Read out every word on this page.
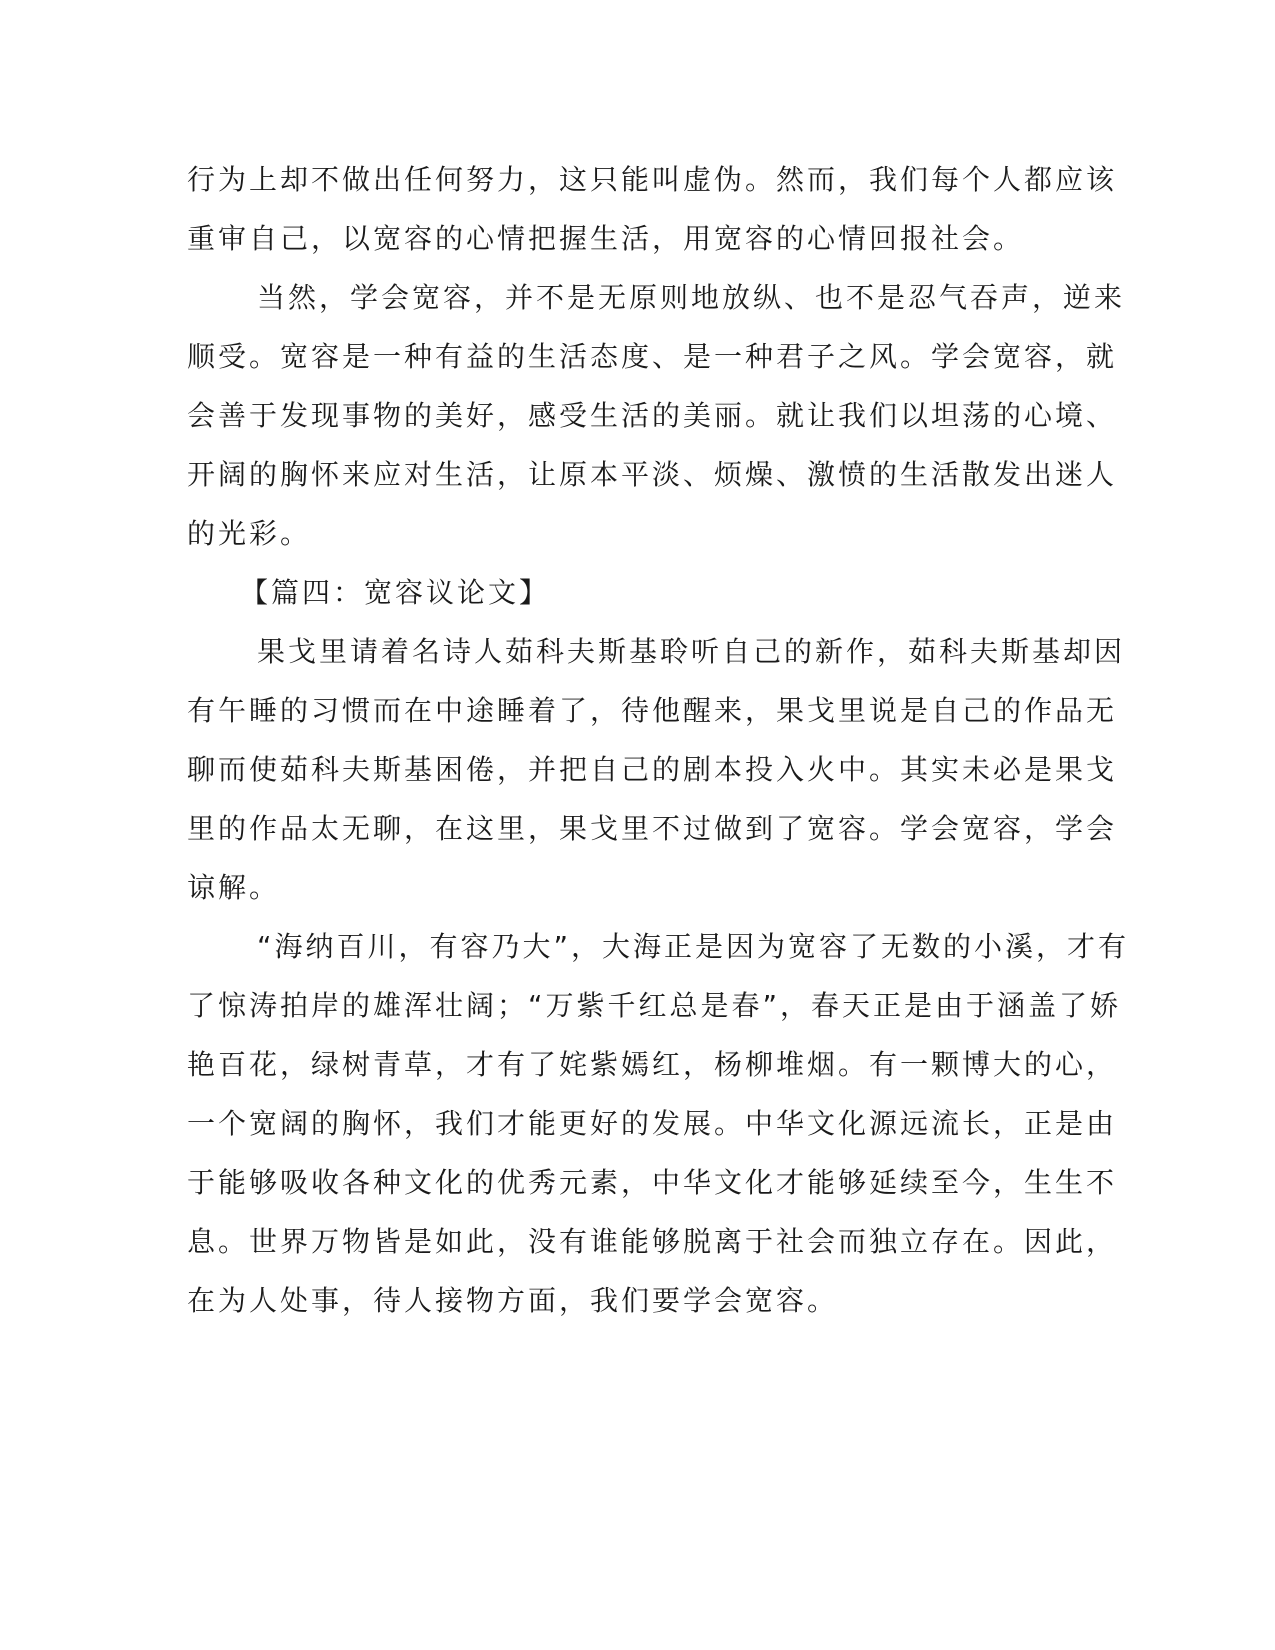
行为上却不做出任何努力，这只能叫虚伪。然而，我们每个人都应该
重审自己，以宽容的心情把握生活，用宽容的心情回报社会。
当然，学会宽容，并不是无原则地放纵、也不是忍气吞声，逆来
顺受。宽容是一种有益的生活态度、是一种君子之风。学会宽容，就
会善于发现事物的美好，感受生活的美丽。就让我们以坦荡的心境、
开阔的胸怀来应对生活，让原本平淡、烦燥、激愤的生活散发出迷人
的光彩。
【篇四：宽容议论文】
果戈里请着名诗人茹科夫斯基聆听自己的新作，茹科夫斯基却因
有午睡的习惯而在中途睡着了，待他醒来，果戈里说是自己的作品无
聊而使茹科夫斯基困倦，并把自己的剧本投入火中。其实未必是果戈
里的作品太无聊，在这里，果戈里不过做到了宽容。学会宽容，学会
谅解。
“海纳百川，有容乃大”，大海正是因为宽容了无数的小溪，才有
了惊涛拍岸的雄浑壮阔；“万紫千红总是春”，春天正是由于涵盖了娇
艳百花，绿树青草，才有了姹紫嫣红，杨柳堆烟。有一颗博大的心，
一个宽阔的胸怀，我们才能更好的发展。中华文化源远流长，正是由
于能够吸收各种文化的优秀元素，中华文化才能够延续至今，生生不
息。世界万物皆是如此，没有谁能够脱离于社会而独立存在。因此，
在为人处事，待人接物方面，我们要学会宽容。
